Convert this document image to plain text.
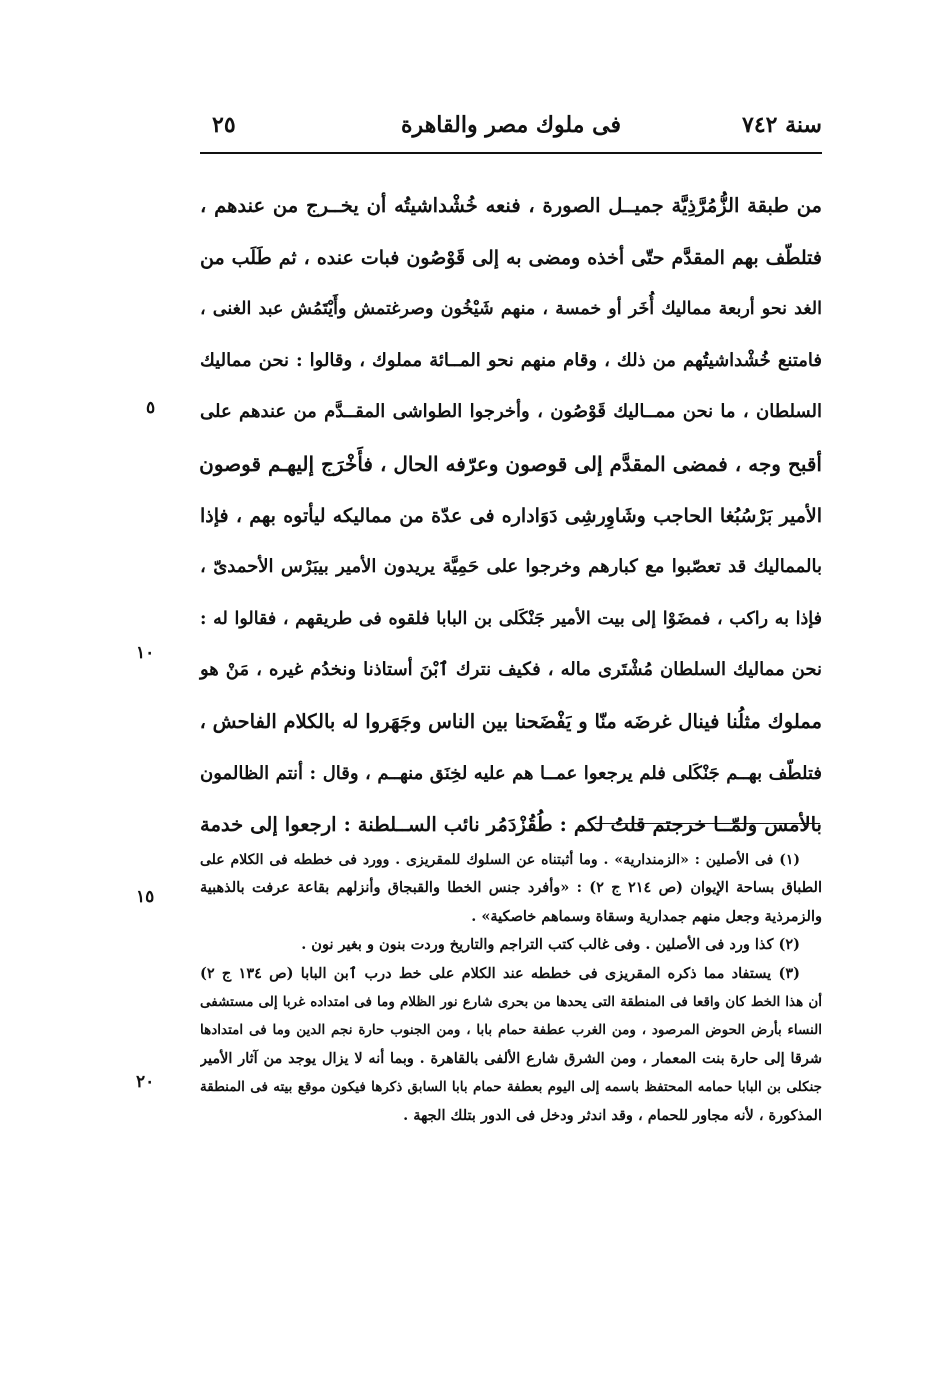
سنة ٧٤٢
فى ملوك مصر والقاهرة
٢٥
من طبقة الزُّمُرَّذِيَّة جميــل الصورة ، فنعه خُشْداشيتُه أن يخــرج من عندهم ،
فتلطّف بهم المقدَّم حتّى أخذه ومضى به إلى قَوْصُون فبات عنده ، ثم طَلَب من
الغد نحو أربعة مماليك أُخَر أو خمسة ، منهم شَيْخُون وصرغتمش وأَيْتَمُش عبد الغنى ،
فامتنع خُشْداشيتُهم من ذلك ، وقام منهم نحو المــائة مملوك ، وقالوا : نحن مماليك
السلطان ، ما نحن ممــاليك قَوْصُون ، وأخرجوا الطواشى المقــدَّم من عندهم على
أقبح وجه ، فمضى المقدَّم إلى قوصون وعرّفه الحال ، فأَخْرَج إليهـم قوصون
الأمير بَرْسُبُغا الحاجب وشَاوِرشِى دَوَاداره فى عدّة من مماليكه ليأتوه بهم ، فإذا
بالمماليك قد تعصّبوا مع كبارهم وخرجوا على حَمِيَّة يريدون الأمير بيبَرْس الأحمدىّ ،
فإذا به راكب ، فمضَوْا إلى بيت الأمير جَنْكَلى بن البابا فلقوه فى طريقهم ، فقالوا له :
نحن مماليك السلطان مُشْتَرى ماله ، فكيف نترك ٱبْنَ أستاذنا ونخدُم غيره ، مَنْ هو
مملوك مثلُنا فينال غرضَه منّا و يَفْضَحنا بين الناس وجَهَروا له بالكلام الفاحش ،
فتلطّف بهــم جَنْكَلى فلم يرجعوا عمــا هم عليه لخِنَق منهــم ، وقال : أنتم الظالمون
بالأمس ولمّــا خرجتم قلتُ لكم : طُقُزْدَمُر نائب الســلطنة : ارجعوا إلى خدمة
(١) فى الأصلين : «الزمندارية» . وما أثبتناه عن السلوك للمقريزى . وورد فى خططه فى الكلام على
الطباق بساحة الإيوان (ص ٢١٤ ج ٢) : «وأفرد جنس الخطا والقبجاق وأنزلهم بقاعة عرفت بالذهبية
والزمرذية وجعل منهم جمدارية وسقاة وسماهم خاصكية» .
(٢) كذا ورد فى الأصلين . وفى غالب كتب التراجم والتاريخ وردت بنون و بغير نون .
(٣) يستفاد مما ذكره المقريزى فى خططه عند الكلام على خط درب ٱبن البابا (ص ١٣٤ ج ٢)
أن هذا الخط كان واقعا فى المنطقة التى يحدها من بحرى شارع نور الظلام وما فى امتداده غربا إلى مستشفى
النساء بأرض الحوض المرصود ، ومن الغرب عطفة حمام بابا ، ومن الجنوب حارة نجم الدين وما فى امتدادها
شرقا إلى حارة بنت المعمار ، ومن الشرق شارع الألفى بالقاهرة . وبما أنه لا يزال يوجد من آثار الأمير
جنكلى بن البابا حمامه المحتفظ باسمه إلى اليوم بعطفة حمام بابا السابق ذكرها فيكون موقع بيته فى المنطقة
المذكورة ، لأنه مجاور للحمام ، وقد اندثر ودخل فى الدور بتلك الجهة .
٥
١٠
١٥
٢٠
